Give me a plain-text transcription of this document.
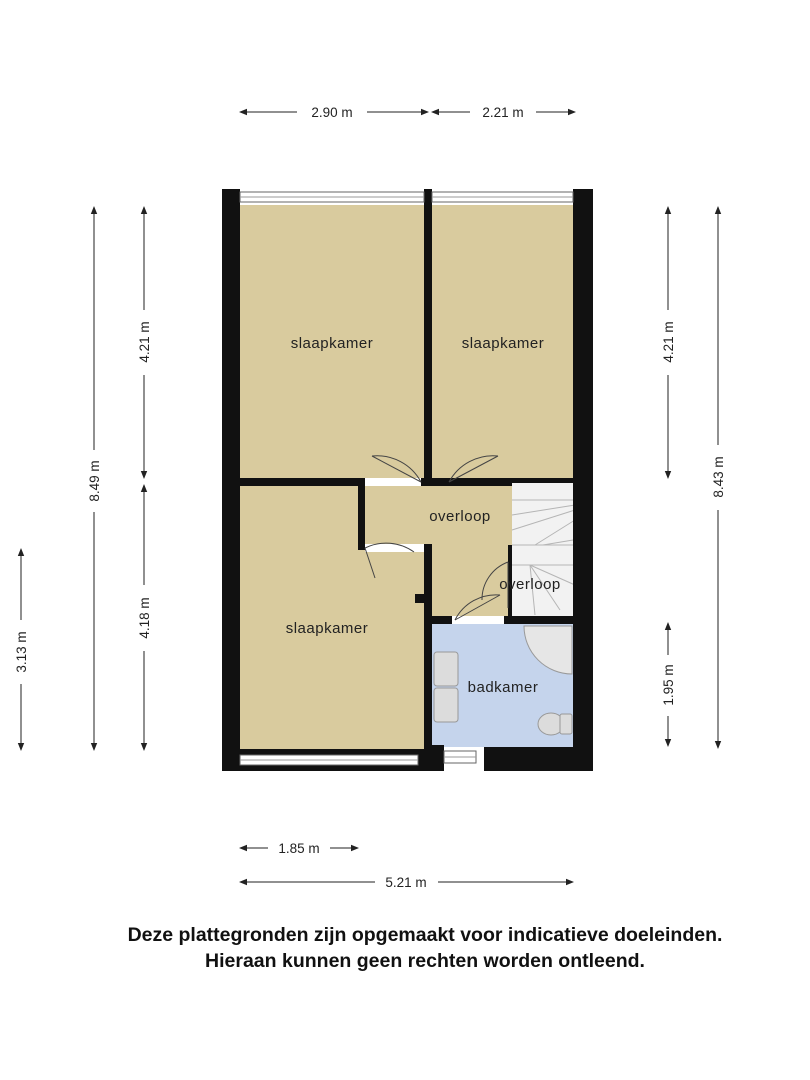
slaapkamer	slaapkamer
slaapkamer
overloop
overloop
badkamer
2.90 m	2.21 m
8.49 m
4.21 m
4.18 m
3.13 m
4.21 m
1.95 m
8.43 m
1.85 m
5.21 m
Deze plattegronden zijn opgemaakt voor indicatieve doeleinden.
Hieraan kunnen geen rechten worden ontleend.
